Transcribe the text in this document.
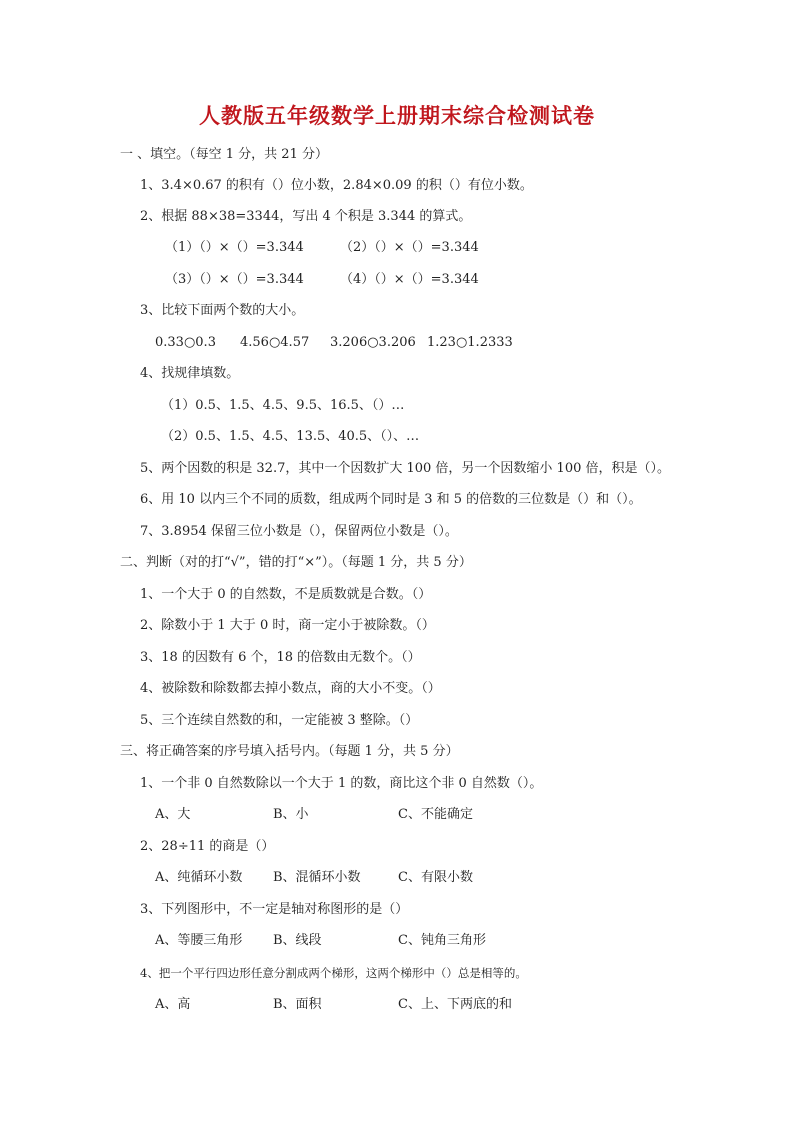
人教版五年级数学上册期末综合检测试卷
一 、填空。（每空 1 分，共 21 分）
1、3.4×0.67 的积有（）位小数，2.84×0.09 的积（）有位小数。
2、根据 88×38=3344，写出 4 个积是 3.344 的算式。
（1）（）×（）=3.344	（2）（）×（）=3.344
（3）（）×（）=3.344	（4）（）×（）=3.344
3、比较下面两个数的大小。
0.33○0.3 4.56○4.57 3.206○3.206 1.23○1.2333
4、找规律填数。
（1）0.5、1.5、4.5、9.5、16.5、（）…
（2）0.5、1.5、4.5、13.5、40.5、（）、…
5、两个因数的积是 32.7，其中一个因数扩大 100 倍，另一个因数缩小 100 倍，积是（）。
6、用 10 以内三个不同的质数，组成两个同时是 3 和 5 的倍数的三位数是（）和（）。
7、3.8954 保留三位小数是（），保留两位小数是（）。
二、判断（对的打“√”，错的打“×”）。（每题 1 分，共 5 分）
1、一个大于 0 的自然数，不是质数就是合数。（）
2、除数小于 1 大于 0 时，商一定小于被除数。（）
3、18 的因数有 6 个，18 的倍数由无数个。（）
4、被除数和除数都去掉小数点，商的大小不变。（）
5、三个连续自然数的和，一定能被 3 整除。（）
三、将正确答案的序号填入括号内。（每题 1 分，共 5 分）
1、一个非 0 自然数除以一个大于 1 的数，商比这个非 0 自然数（）。
A、大	B、小	C、不能确定
2、28÷11 的商是（）
A、纯循环小数 B、混循环小数	C、有限小数
3、下列图形中，不一定是轴对称图形的是（）
A、等腰三角形 B、线段	C、钝角三角形
4、把一个平行四边形任意分割成两个梯形，这两个梯形中（）总是相等的。
A、高	B、面积	C、上、下两底的和
